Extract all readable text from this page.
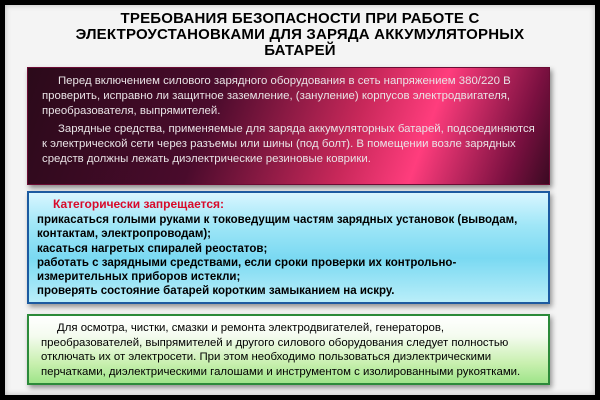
ТРЕБОВАНИЯ БЕЗОПАСНОСТИ ПРИ РАБОТЕ С
ЭЛЕКТРОУСТАНОВКАМИ ДЛЯ ЗАРЯДА АККУМУЛЯТОРНЫХ
БАТАРЕЙ

Перед включением силового зарядного оборудования в сеть напряжением 380/220 В проверить, исправно ли защитное заземление, (зануление) корпусов электродвигателя, преобразователя, выпрямителей.

Зарядные средства, применяемые для заряда аккумуляторных батарей, подсоединяются к электрической сети через разъемы или шины (под болт). В помещении возле зарядных средств должны лежать диэлектрические резиновые коврики.

Категорически запрещается:
прикасаться голыми руками к токоведущим частям зарядных установок (выводам, контактам, электропроводам);
касаться нагретых спиралей реостатов;
работать с зарядными средствами, если сроки проверки их контрольно-измерительных приборов истекли;
проверять состояние батарей коротким замыканием на искру.

Для осмотра, чистки, смазки и ремонта электродвигателей, генераторов, преобразователей, выпрямителей и другого силового оборудования следует полностью отключать их от электросети. При этом необходимо пользоваться диэлектрическими перчатками, диэлектрическими галошами и инструментом с изолированными рукоятками.
